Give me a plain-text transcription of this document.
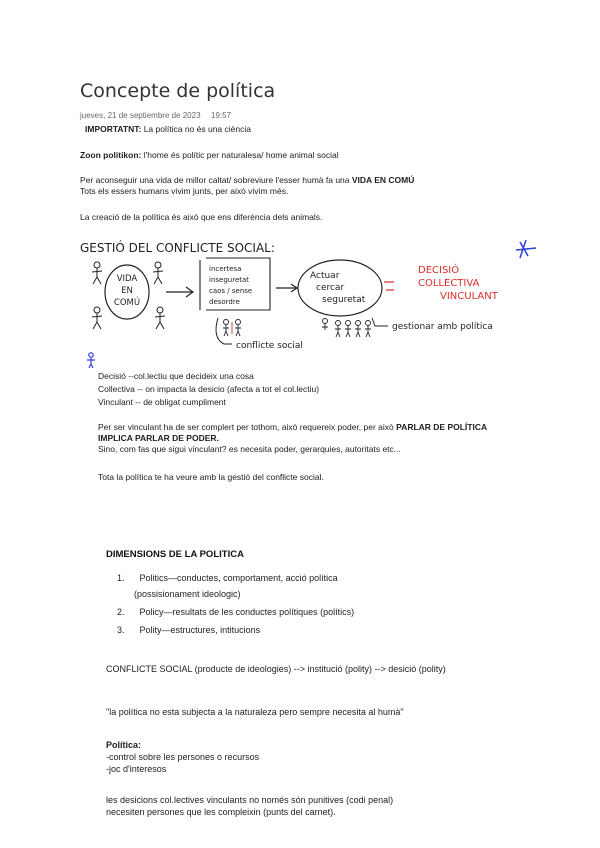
Concepte de política
jueves, 21 de septiembre de 2023 19:57
IMPORTATNT: La política no és una ciència
Zoon politikon: l'home és polític per naturalesa/ home animal social
Per aconseguir una vida de millor caltat/ sobreviure l'esser humà fa una VIDA EN COMÚ
Tots els essers humans vivim junts, per això vivim més.
La creació de la política és això que ens diferència dels animals.
GESTIÓ DEL CONFLICTE SOCIAL:
VIDA
EN
COMÚ
incertesa
inseguretat
caos / sense
desordre
Actuar
cercar
seguretat
DECISIÓ
COLLECTIVA
VINCULANT
gestionar amb política
conflicte social
Decisió --col.lectiu que decideix una cosa
Collectiva -- on impacta la desicio (afecta a tot el col.lectiu)
Vinculant -- de obligat cumpliment
Per ser vinculant ha de ser complert per tothom, això requereix poder, per això PARLAR DE POLÍTICA
IMPLICA PARLAR DE PODER.
Sino, com fas que sigui vinculant? es necesita poder, gerarquies, autoritats etc...
Tota la política te ha veure amb la gestió del conflicte social.
DIMENSIONS DE LA POLITICA
1. Politics—conductes, comportament, acció política
(possisionament ideologic)
2. Policy—resultats de les conductes polítiques (polítics)
3. Polity—estructures, intitucions
CONFLICTE SOCIAL (producte de ideologies) --> institució (polity) --> desició (polity)
"la política no esta subjecta a la naturaleza pero sempre necesita al humà"
Política:
-control sobre les persones o recursos
-joc d'interesos
les desicions col.lectives vinculants no només són punitives (codi penal)
necesiten persones que les compleixin (punts del carnet).
